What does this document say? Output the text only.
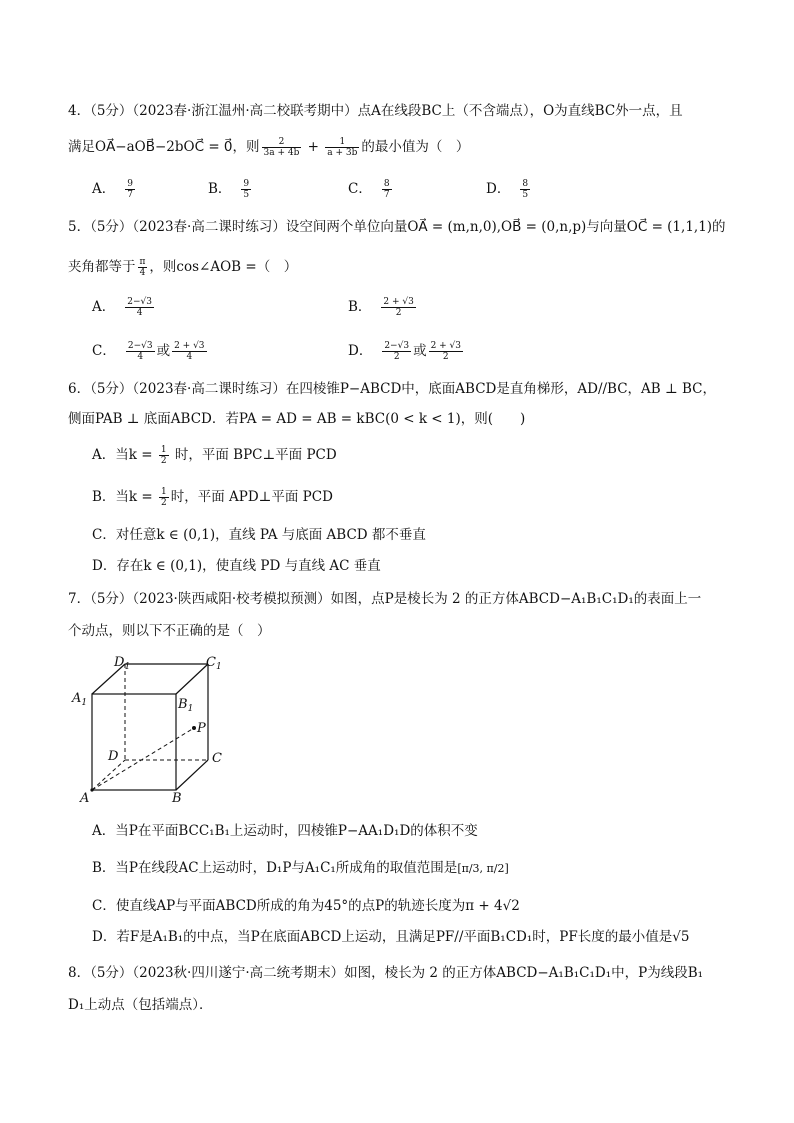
4．（5分）（2023春·浙江温州·高二校联考期中）点A在线段BC上（不含端点），O为直线BC外一点，且
满足OA⃗−aOB⃗−2bOC⃗ = 0⃗，则 $\frac{2}{3a + 4b} + \frac{1}{a + 3b}$ 的最小值为（　）
A． $\frac{9}{7}$	B． $\frac{9}{5}$	C． $\frac{8}{7}$	D． $\frac{8}{5}$
5．（5分）（2023春·高二课时练习）设空间两个单位向量OA⃗ = (m,n,0),OB⃗ = (0,n,p)与向量OC⃗ = (1,1,1)的
夹角都等于 $\frac{\pi}{4}$ ，则cos∠AOB =（　）
A． $\frac{2-√3}{4}$	B． $\frac{2 + √3}{2}$
C． $\frac{2-√3}{4}$ 或 $\frac{2 + √3}{4}$	D． $\frac{2-√3}{2}$ 或 $\frac{2 + √3}{2}$
6．（5分）（2023春·高二课时练习）在四棱锥P−ABCD中，底面ABCD是直角梯形，AD//BC，AB ⊥ BC，
侧面PAB ⊥ 底面ABCD．若PA = AD = AB = kBC(0 < k < 1)，则(　　)
A．当$k = \frac{1}{2}$ 时，平面 BPC⊥平面 PCD
B．当$k = \frac{1}{2}$ 时，平面 APD⊥平面 PCD
C．对任意k ∈ (0,1)，直线 PA 与底面 ABCD 都不垂直
D．存在k ∈ (0,1)，使直线 PD 与直线 AC 垂直
7．（5分）（2023·陕西咸阳·校考模拟预测）如图，点P是棱长为 2 的正方体ABCD−A₁B₁C₁D₁的表面上一
个动点，则以下不正确的是（　）
$D_1$	$C_1$
$A_1$	$B_1$
P
D	C
A	B
A．当P在平面BCC₁B₁上运动时，四棱锥P−AA₁D₁D的体积不变
B．当P在线段AC上运动时，D₁P与A₁C₁所成角的取值范围是[π/3, π/2]
C．使直线AP与平面ABCD所成的角为45°的点P的轨迹长度为π + 4√2
D．若F是A₁B₁的中点，当P在底面ABCD上运动，且满足PF//平面B₁CD₁时，PF长度的最小值是√5
8．（5分）（2023秋·四川遂宁·高二统考期末）如图，棱长为 2 的正方体ABCD−A₁B₁C₁D₁中，P为线段B₁
D₁上动点（包括端点）．
